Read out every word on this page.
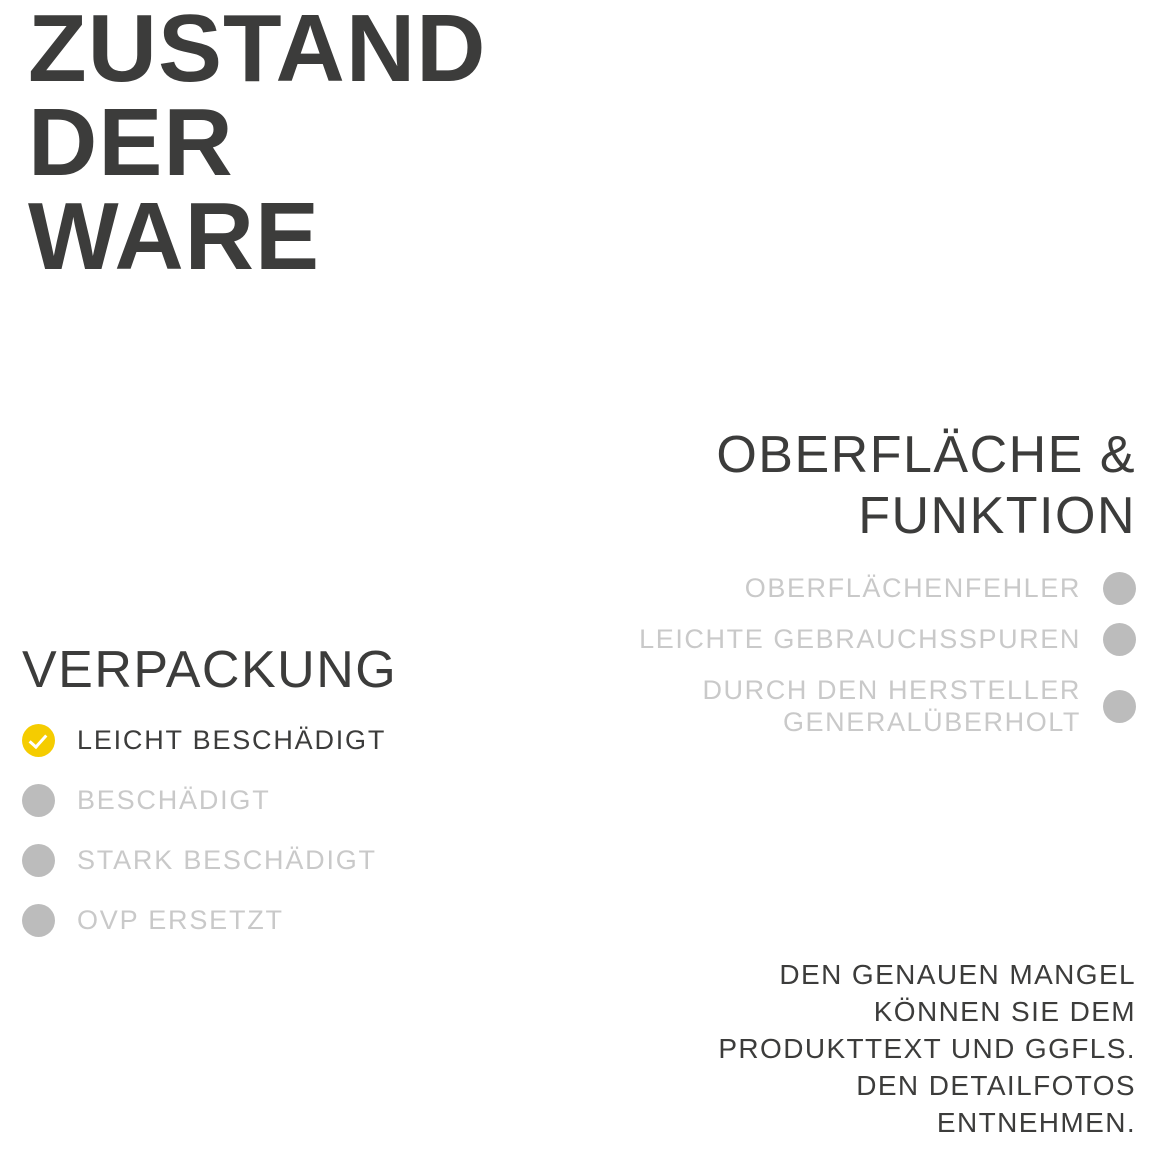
ZUSTAND
DER
WARE
OBERFLÄCHE &
FUNKTION
OBERFLÄCHENFEHLER
LEICHTE GEBRAUCHSSPUREN
DURCH DEN HERSTELLER
GENERALÜBERHOLT
VERPACKUNG
LEICHT BESCHÄDIGT
BESCHÄDIGT
STARK BESCHÄDIGT
OVP ERSETZT
DEN GENAUEN MANGEL
KÖNNEN SIE DEM
PRODUKTTEXT UND GGFLS.
DEN DETAILFOTOS
ENTNEHMEN.
